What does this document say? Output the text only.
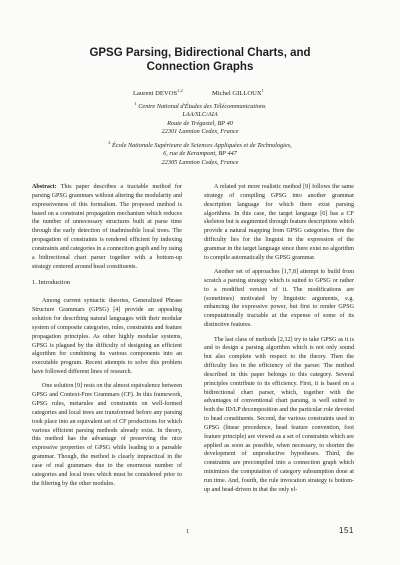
GPSG Parsing, Bidirectional Charts, and
Connection Graphs
Laurent DEVOS$^{1,2}$	Michel GILLOUX$^1$
$^1$ Centre National d'Études des Télécommunications
LAA/SLC/AIA
Route de Trégastel, BP 40
22301 Lannion Cedex, France
$^2$ École Nationale Supérieure de Sciences Appliquées et de Technologies,
6, rue de Kerampont, BP 447
22305 Lannion Cedex, France

Abstract: This paper describes a tractable method for parsing GPSG grammars without altering the modularity and expressiveness of this formalism. The proposed method is based on a constraint propagation mechanism which reduces the number of unnecessary structures built at parse time through the early detection of inadmissible local trees. The propagation of constraints is rendered efficient by indexing constraints and categories in a connection graph and by using a bidirectional chart parser together with a bottom-up strategy centered around head constituents.

1. Introduction

Among current syntactic theories, Generalized Phrase Structure Grammars (GPSG) [4] provide an appealing solution for describing natural languages with their modular system of composite categories, rules, constraints and feature propagation principles. As other highly modular systems, GPSG is plagued by the difficulty of designing an efficient algorithm for combining its various components into an executable program. Recent attempts to solve this problem have followed different lines of research.

One solution [9] rests on the almost equivalence between GPSG and Context-Free Grammars (CF). In this framework, GPSG rules, metarules and constraints on well-formed categories and local trees are transformed before any parsing took place into an equivalent set of CF productions for which various efficient parsing methods already exist. In theory, this method has the advantage of preserving the nice expressive properties of GPSG while leading to a parsable grammar. Though, the method is clearly impractical in the case of real grammars due to the enormous number of categories and local trees which must be considered prior to the filtering by the other modules.

A related yet more realistic method [9] follows the same strategy of compiling GPSG into another grammar description language for which there exist parsing algorithms. In this case, the target language [6] has a CF skeleton but is augmented through feature descriptions which provide a natural mapping from GPSG categories. Here the difficulty lies for the linguist in the expression of the grammar in the target language since there exist no algorithm to compile automatically the GPSG grammar.

Another set of approaches [1,7,8] attempt to build from scratch a parsing strategy which is suited to GPSG or rather to a modified version of it. The modifications are (sometimes) motivated by linguistic arguments, e.g. enhancing the expressive power, but first to render GPSG computationally tractable at the expense of some of its distinctive features.

The last class of methods [2,12] try to take GPSG as it is and to design a parsing algorithm which is not only sound but also complete with respect to the theory. Then the difficulty lies in the efficiency of the parser. The method described in this paper belongs to this category. Several principles contribute to its efficiency. First, it is based on a bidirectional chart parser, which, together with the advantages of conventional chart parsing, is well suited to both the ID/LP decomposition and the particular role devoted to head constituents. Second, the various constraints used in GPSG (linear precedence, head feature convention, foot feature principle) are viewed as a set of constraints which are applied as soon as possible, when necessary, to shorten the development of unproductive hypotheses. Third, the constraints are precompiled into a connection graph which minimizes the computation of category subsumption done at run time. And, fourth, the rule invocation strategy is bottom-up and head-driven in that the only el-

1	151
